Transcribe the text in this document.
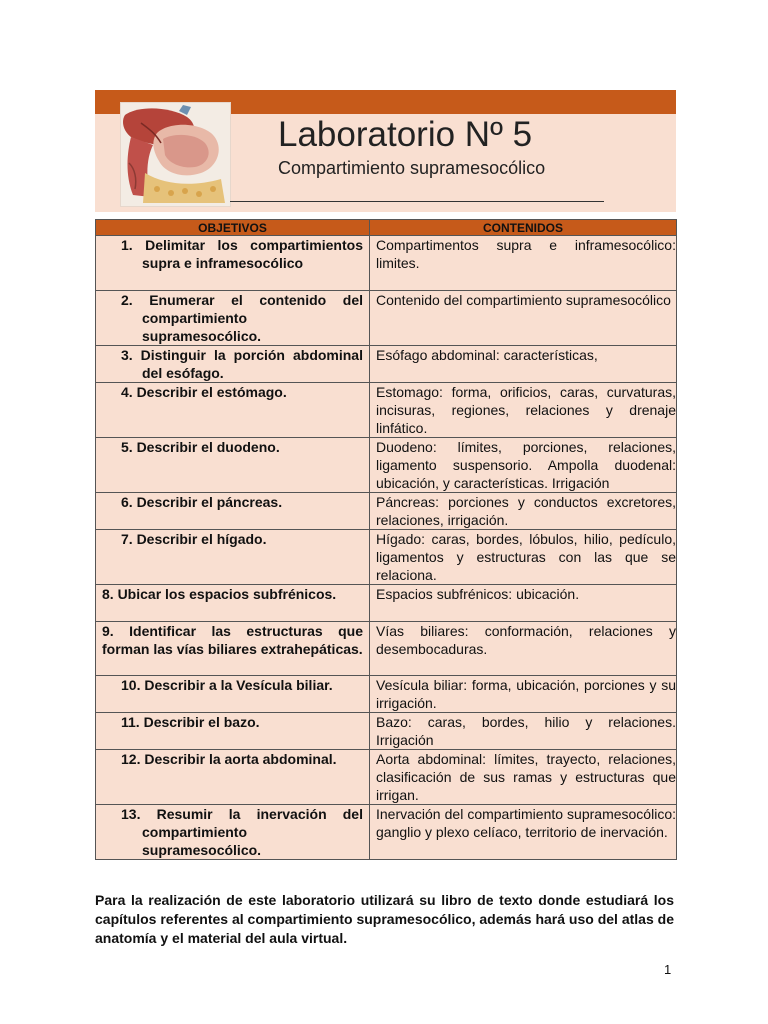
Laboratorio Nº 5
Compartimiento supramesocólico
OBJETIVOS	CONTENIDOS

1. Delimitar los compartimientos supra e inframesocólico	Compartimentos supra e inframesocólico: limites.

2. Enumerar el contenido del compartimiento supramesocólico.	Contenido del compartimiento supramesocólico

3. Distinguir la porción abdominal del esófago.	Esófago abdominal: características,

4. Describir el estómago.	Estomago: forma, orificios, caras, curvaturas, incisuras, regiones, relaciones y drenaje linfático.

5. Describir el duodeno.	Duodeno: límites, porciones, relaciones, ligamento suspensorio. Ampolla duodenal: ubicación, y características. Irrigación

6. Describir el páncreas.	Páncreas: porciones y conductos excretores, relaciones, irrigación.

7. Describir el hígado.	Hígado: caras, bordes, lóbulos, hilio, pedículo, ligamentos y estructuras con las que se relaciona.

8. Ubicar los espacios subfrénicos.	Espacios subfrénicos: ubicación.

9. Identificar las estructuras que forman las vías biliares extrahepáticas.	Vías biliares: conformación, relaciones y desembocaduras.

10. Describir a la Vesícula biliar.	Vesícula biliar: forma, ubicación, porciones y su irrigación.

11. Describir el bazo.	Bazo: caras, bordes, hilio y relaciones. Irrigación

12. Describir la aorta abdominal.	Aorta abdominal: límites, trayecto, relaciones, clasificación de sus ramas y estructuras que irrigan.

13. Resumir la inervación del compartimiento supramesocólico.	Inervación del compartimiento supramesocólico: ganglio y plexo celíaco, territorio de inervación.

Para la realización de este laboratorio utilizará su libro de texto donde estudiará los capítulos referentes al compartimiento supramesocólico, además hará uso del atlas de anatomía y el material del aula virtual.

1
